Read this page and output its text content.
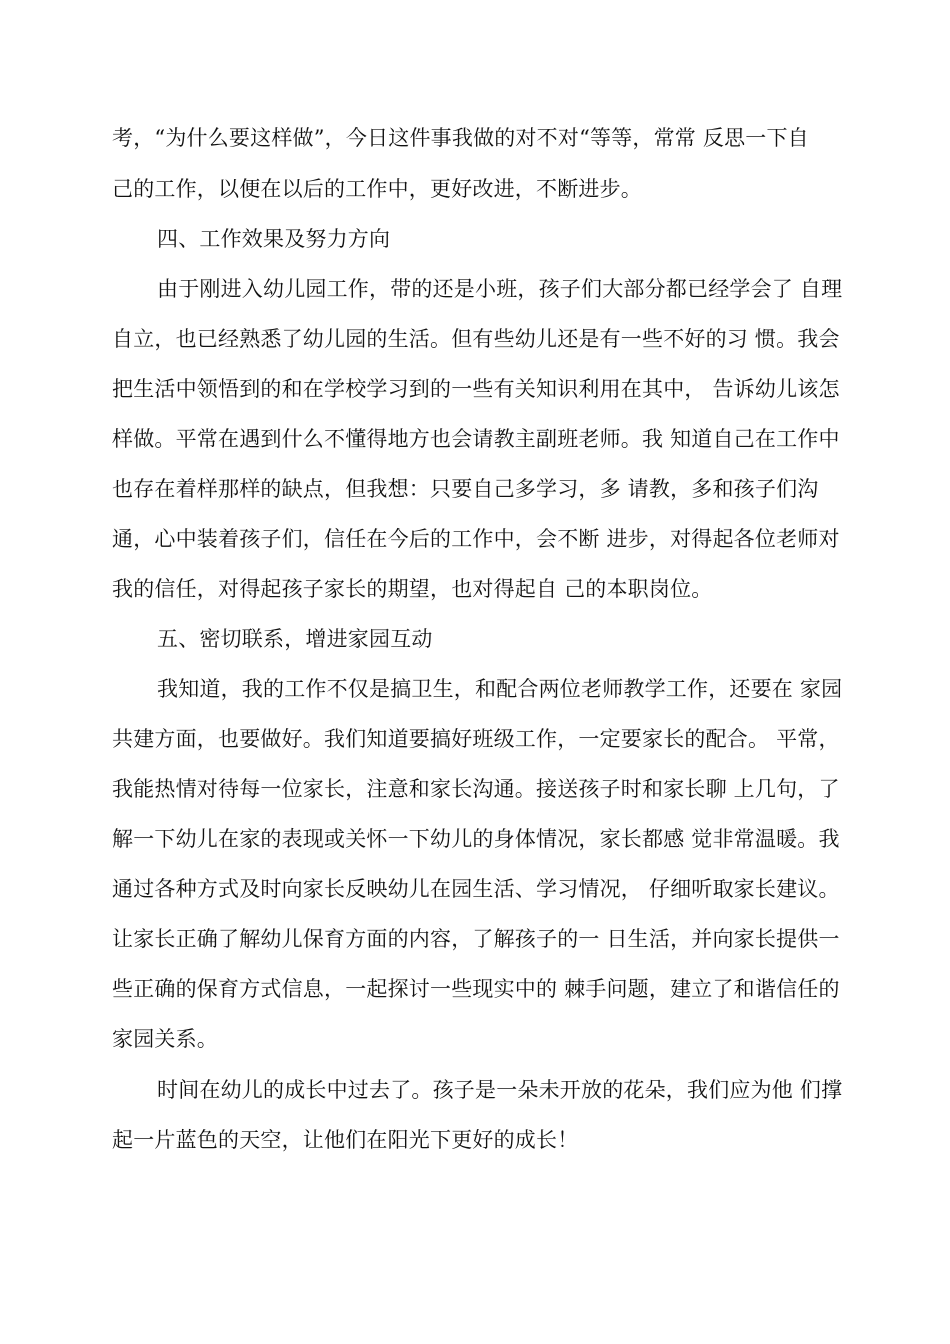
考，“为什么要这样做”，今日这件事我做的对不对“等等，常常 反思一下自
己的工作，以便在以后的工作中，更好改进，不断进步。
四、工作效果及努力方向
由于刚进入幼儿园工作，带的还是小班，孩子们大部分都已经学会了 自理
自立，也已经熟悉了幼儿园的生活。但有些幼儿还是有一些不好的习 惯。我会
把生活中领悟到的和在学校学习到的一些有关知识利用在其中， 告诉幼儿该怎
样做。平常在遇到什么不懂得地方也会请教主副班老师。我 知道自己在工作中
也存在着样那样的缺点，但我想：只要自己多学习，多 请教，多和孩子们沟
通，心中装着孩子们，信任在今后的工作中，会不断 进步，对得起各位老师对
我的信任，对得起孩子家长的期望，也对得起自 己的本职岗位。
五、密切联系，增进家园互动
我知道，我的工作不仅是搞卫生，和配合两位老师教学工作，还要在 家园
共建方面，也要做好。我们知道要搞好班级工作，一定要家长的配合。 平常，
我能热情对待每一位家长，注意和家长沟通。接送孩子时和家长聊 上几句，了
解一下幼儿在家的表现或关怀一下幼儿的身体情况，家长都感 觉非常温暖。我
通过各种方式及时向家长反映幼儿在园生活、学习情况， 仔细听取家长建议。
让家长正确了解幼儿保育方面的内容，了解孩子的一 日生活，并向家长提供一
些正确的保育方式信息，一起探讨一些现实中的 棘手问题，建立了和谐信任的
家园关系。
时间在幼儿的成长中过去了。孩子是一朵未开放的花朵，我们应为他 们撑
起一片蓝色的天空，让他们在阳光下更好的成长！
